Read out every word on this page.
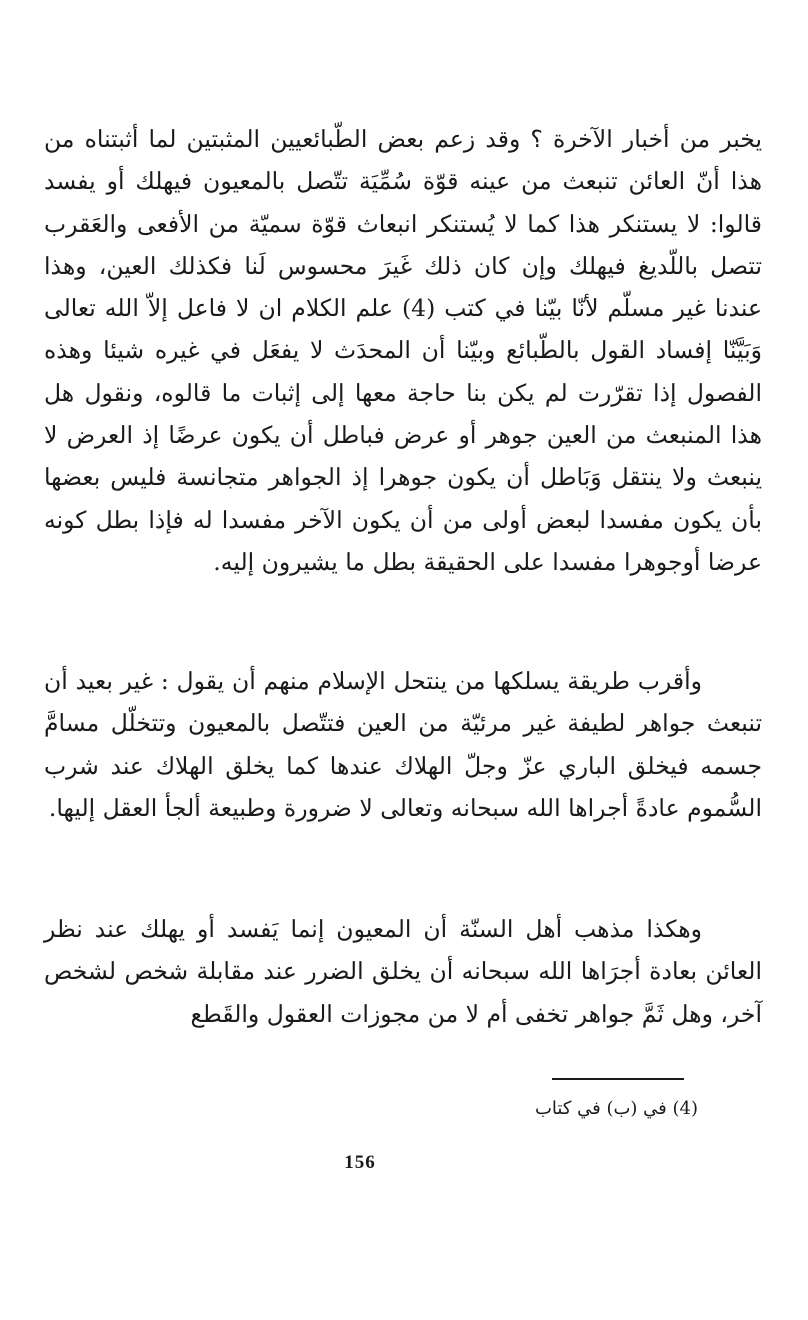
يخبر من أخبار الآخرة ؟ وقد زعم بعض الطّبائعيين المثبتين لما أثبتناه من هذا أنّ العائن تنبعث من عينه قوّة سُمِّيَة تتّصل بالمعيون فيهلك أو يفسد قالوا: لا يستنكر هذا كما لا يُستنكر انبعاث قوّة سميّة من الأفعى والعَقرب تتصل باللّديغ فيهلك وإن كان ذلك غَيرَ محسوس لَنا فكذلك العين، وهذا عندنا غير مسلّم لأنّا بيّنا في كتب (4) علم الكلام ان لا فاعل إلاّ الله تعالى وَبَيَّنّا إفساد القول بالطّبائع وبيّنا أن المحدَث لا يفعَل في غيره شيئا وهذه الفصول إذا تقرّرت لم يكن بنا حاجة معها إلى إثبات ما قالوه، ونقول هل هذا المنبعث من العين جوهر أو عرض فباطل أن يكون عرضًا إذ العرض لا ينبعث ولا ينتقل وَبَاطل أن يكون جوهرا إذ الجواهر متجانسة فليس بعضها بأن يكون مفسدا لبعض أولى من أن يكون الآخر مفسدا له فإذا بطل كونه عرضا أوجوهرا مفسدا على الحقيقة بطل ما يشيرون إليه.

وأقرب طريقة يسلكها من ينتحل الإسلام منهم أن يقول : غير بعيد أن تنبعث جواهر لطيفة غير مرئيّة من العين فتتّصل بالمعيون وتتخلّل مسامَّ جسمه فيخلق الباري عزّ وجلّ الهلاك عندها كما يخلق الهلاك عند شرب السُّموم عادةً أجراها الله سبحانه وتعالى لا ضرورة وطبيعة ألجأ العقل إليها.

وهكذا مذهب أهل السنّة أن المعيون إنما يَفسد أو يهلك عند نظر العائن بعادة أجرَاها الله سبحانه أن يخلق الضرر عند مقابلة شخص لشخص آخر، وهل ثَمَّ جواهر تخفى أم لا من مجوزات العقول والقَطع

(4) في (ب) في كتاب
156
